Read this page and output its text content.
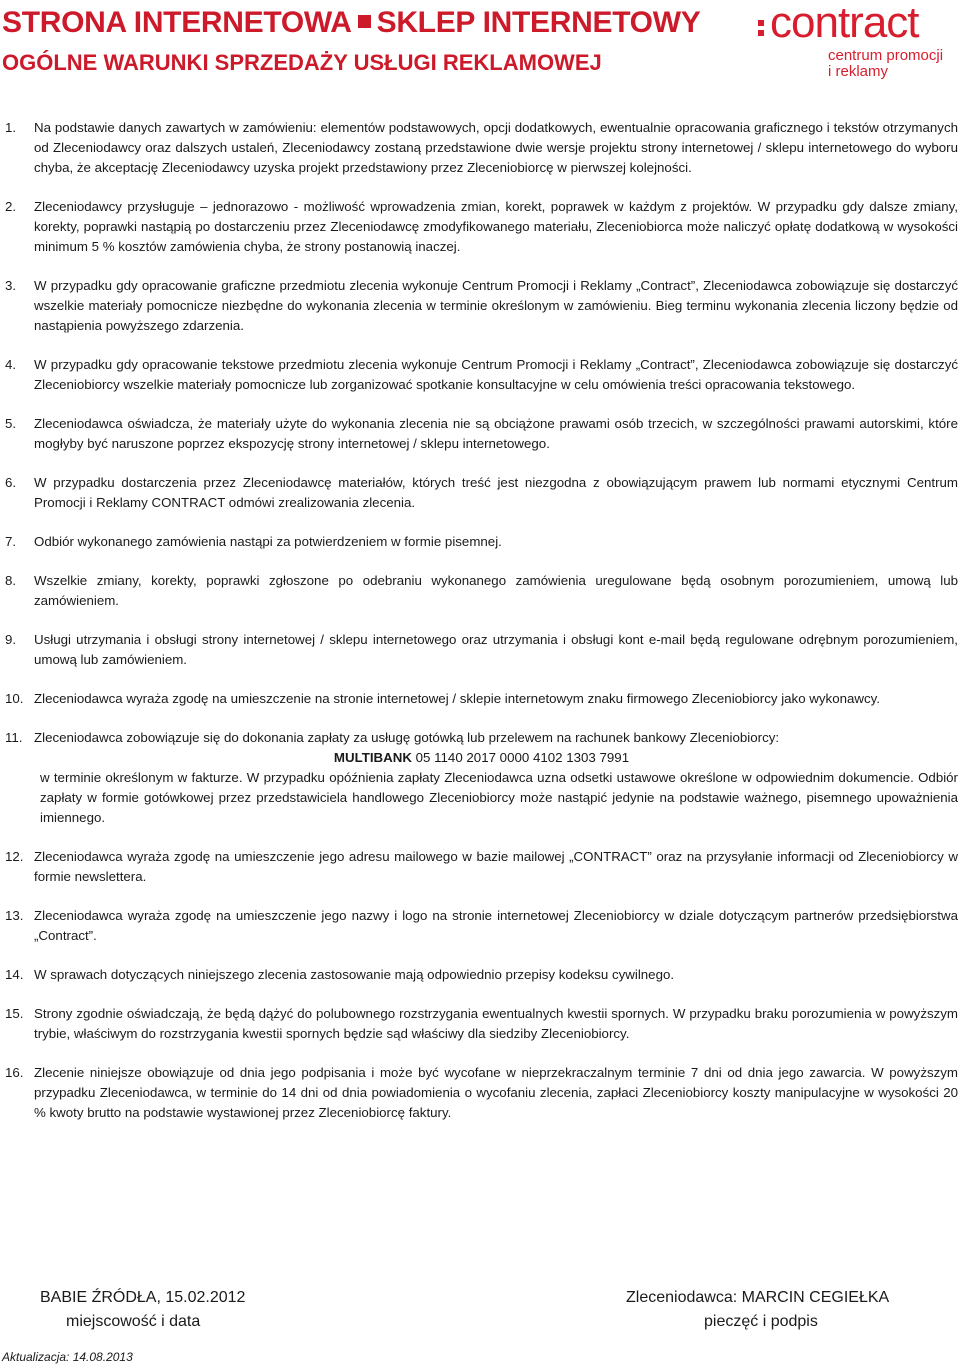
STRONA INTERNETOWA SKLEP INTERNETOWY
OGÓLNE WARUNKI SPRZEDAŻY USŁUGI REKLAMOWEJ
contract
centrum promocji
i reklamy
1. Na podstawie danych zawartych w zamówieniu: elementów podstawowych, opcji dodatkowych, ewentualnie opracowania graficznego i tekstów otrzymanych od Zleceniodawcy oraz dalszych ustaleń, Zleceniodawcy zostaną przedstawione dwie wersje projektu strony internetowej / sklepu internetowego do wyboru chyba, że akceptację Zleceniodawcy uzyska projekt przedstawiony przez Zleceniobiorcę w pierwszej kolejności.
2. Zleceniodawcy przysługuje – jednorazowo - możliwość wprowadzenia zmian, korekt, poprawek w każdym z projektów. W przypadku gdy dalsze zmiany, korekty, poprawki nastąpią po dostarczeniu przez Zleceniodawcę zmodyfikowanego materiału, Zleceniobiorca może naliczyć opłatę dodatkową w wysokości minimum 5 % kosztów zamówienia chyba, że strony postanowią inaczej.
3. W przypadku gdy opracowanie graficzne przedmiotu zlecenia wykonuje Centrum Promocji i Reklamy „Contract”, Zleceniodawca zobowiązuje się dostarczyć wszelkie materiały pomocnicze niezbędne do wykonania zlecenia w terminie określonym w zamówieniu. Bieg terminu wykonania zlecenia liczony będzie od nastąpienia powyższego zdarzenia.
4. W przypadku gdy opracowanie tekstowe przedmiotu zlecenia wykonuje Centrum Promocji i Reklamy „Contract”, Zleceniodawca zobowiązuje się dostarczyć Zleceniobiorcy wszelkie materiały pomocnicze lub zorganizować spotkanie konsultacyjne w celu omówienia treści opracowania tekstowego.
5. Zleceniodawca oświadcza, że materiały użyte do wykonania zlecenia nie są obciążone prawami osób trzecich, w szczególności prawami autorskimi, które mogłyby być naruszone poprzez ekspozycję strony internetowej / sklepu internetowego.
6. W przypadku dostarczenia przez Zleceniodawcę materiałów, których treść jest niezgodna z obowiązującym prawem lub normami etycznymi Centrum Promocji i Reklamy CONTRACT odmówi zrealizowania zlecenia.
7. Odbiór wykonanego zamówienia nastąpi za potwierdzeniem w formie pisemnej.
8. Wszelkie zmiany, korekty, poprawki zgłoszone po odebraniu wykonanego zamówienia uregulowane będą osobnym porozumieniem, umową lub zamówieniem.
9. Usługi utrzymania i obsługi strony internetowej / sklepu internetowego oraz utrzymania i obsługi kont e-mail będą regulowane odrębnym porozumieniem, umową lub zamówieniem.
10. Zleceniodawca wyraża zgodę na umieszczenie na stronie internetowej / sklepie internetowym znaku firmowego Zleceniobiorcy jako wykonawcy.
11. Zleceniodawca zobowiązuje się do dokonania zapłaty za usługę gotówką lub przelewem na rachunek bankowy Zleceniobiorcy:
MULTIBANK 05 1140 2017 0000 4102 1303 7991
w terminie określonym w fakturze. W przypadku opóźnienia zapłaty Zleceniodawca uzna odsetki ustawowe określone w odpowiednim dokumencie. Odbiór zapłaty w formie gotówkowej przez przedstawiciela handlowego Zleceniobiorcy może nastąpić jedynie na podstawie ważnego, pisemnego upoważnienia imiennego.
12. Zleceniodawca wyraża zgodę na umieszczenie jego adresu mailowego w bazie mailowej „CONTRACT” oraz na przysyłanie informacji od Zleceniobiorcy w formie newslettera.
13. Zleceniodawca wyraża zgodę na umieszczenie jego nazwy i logo na stronie internetowej Zleceniobiorcy w dziale dotyczącym partnerów przedsiębiorstwa „Contract”.
14. W sprawach dotyczących niniejszego zlecenia zastosowanie mają odpowiednio przepisy kodeksu cywilnego.
15. Strony zgodnie oświadczają, że będą dążyć do polubownego rozstrzygania ewentualnych kwestii spornych. W przypadku braku porozumienia w powyższym trybie, właściwym do rozstrzygania kwestii spornych będzie sąd właściwy dla siedziby Zleceniobiorcy.
16. Zlecenie niniejsze obowiązuje od dnia jego podpisania i może być wycofane w nieprzekraczalnym terminie 7 dni od dnia jego zawarcia. W powyższym przypadku Zleceniodawca, w terminie do 14 dni od dnia powiadomienia o wycofaniu zlecenia, zapłaci Zleceniobiorcy koszty manipulacyjne w wysokości 20 % kwoty brutto na podstawie wystawionej przez Zleceniobiorcę faktury.
BABIE ŹRÓDŁA, 15.02.2012
miejscowość i data
Zleceniodawca: MARCIN CEGIEŁKA
pieczęć i podpis
Aktualizacja: 14.08.2013
